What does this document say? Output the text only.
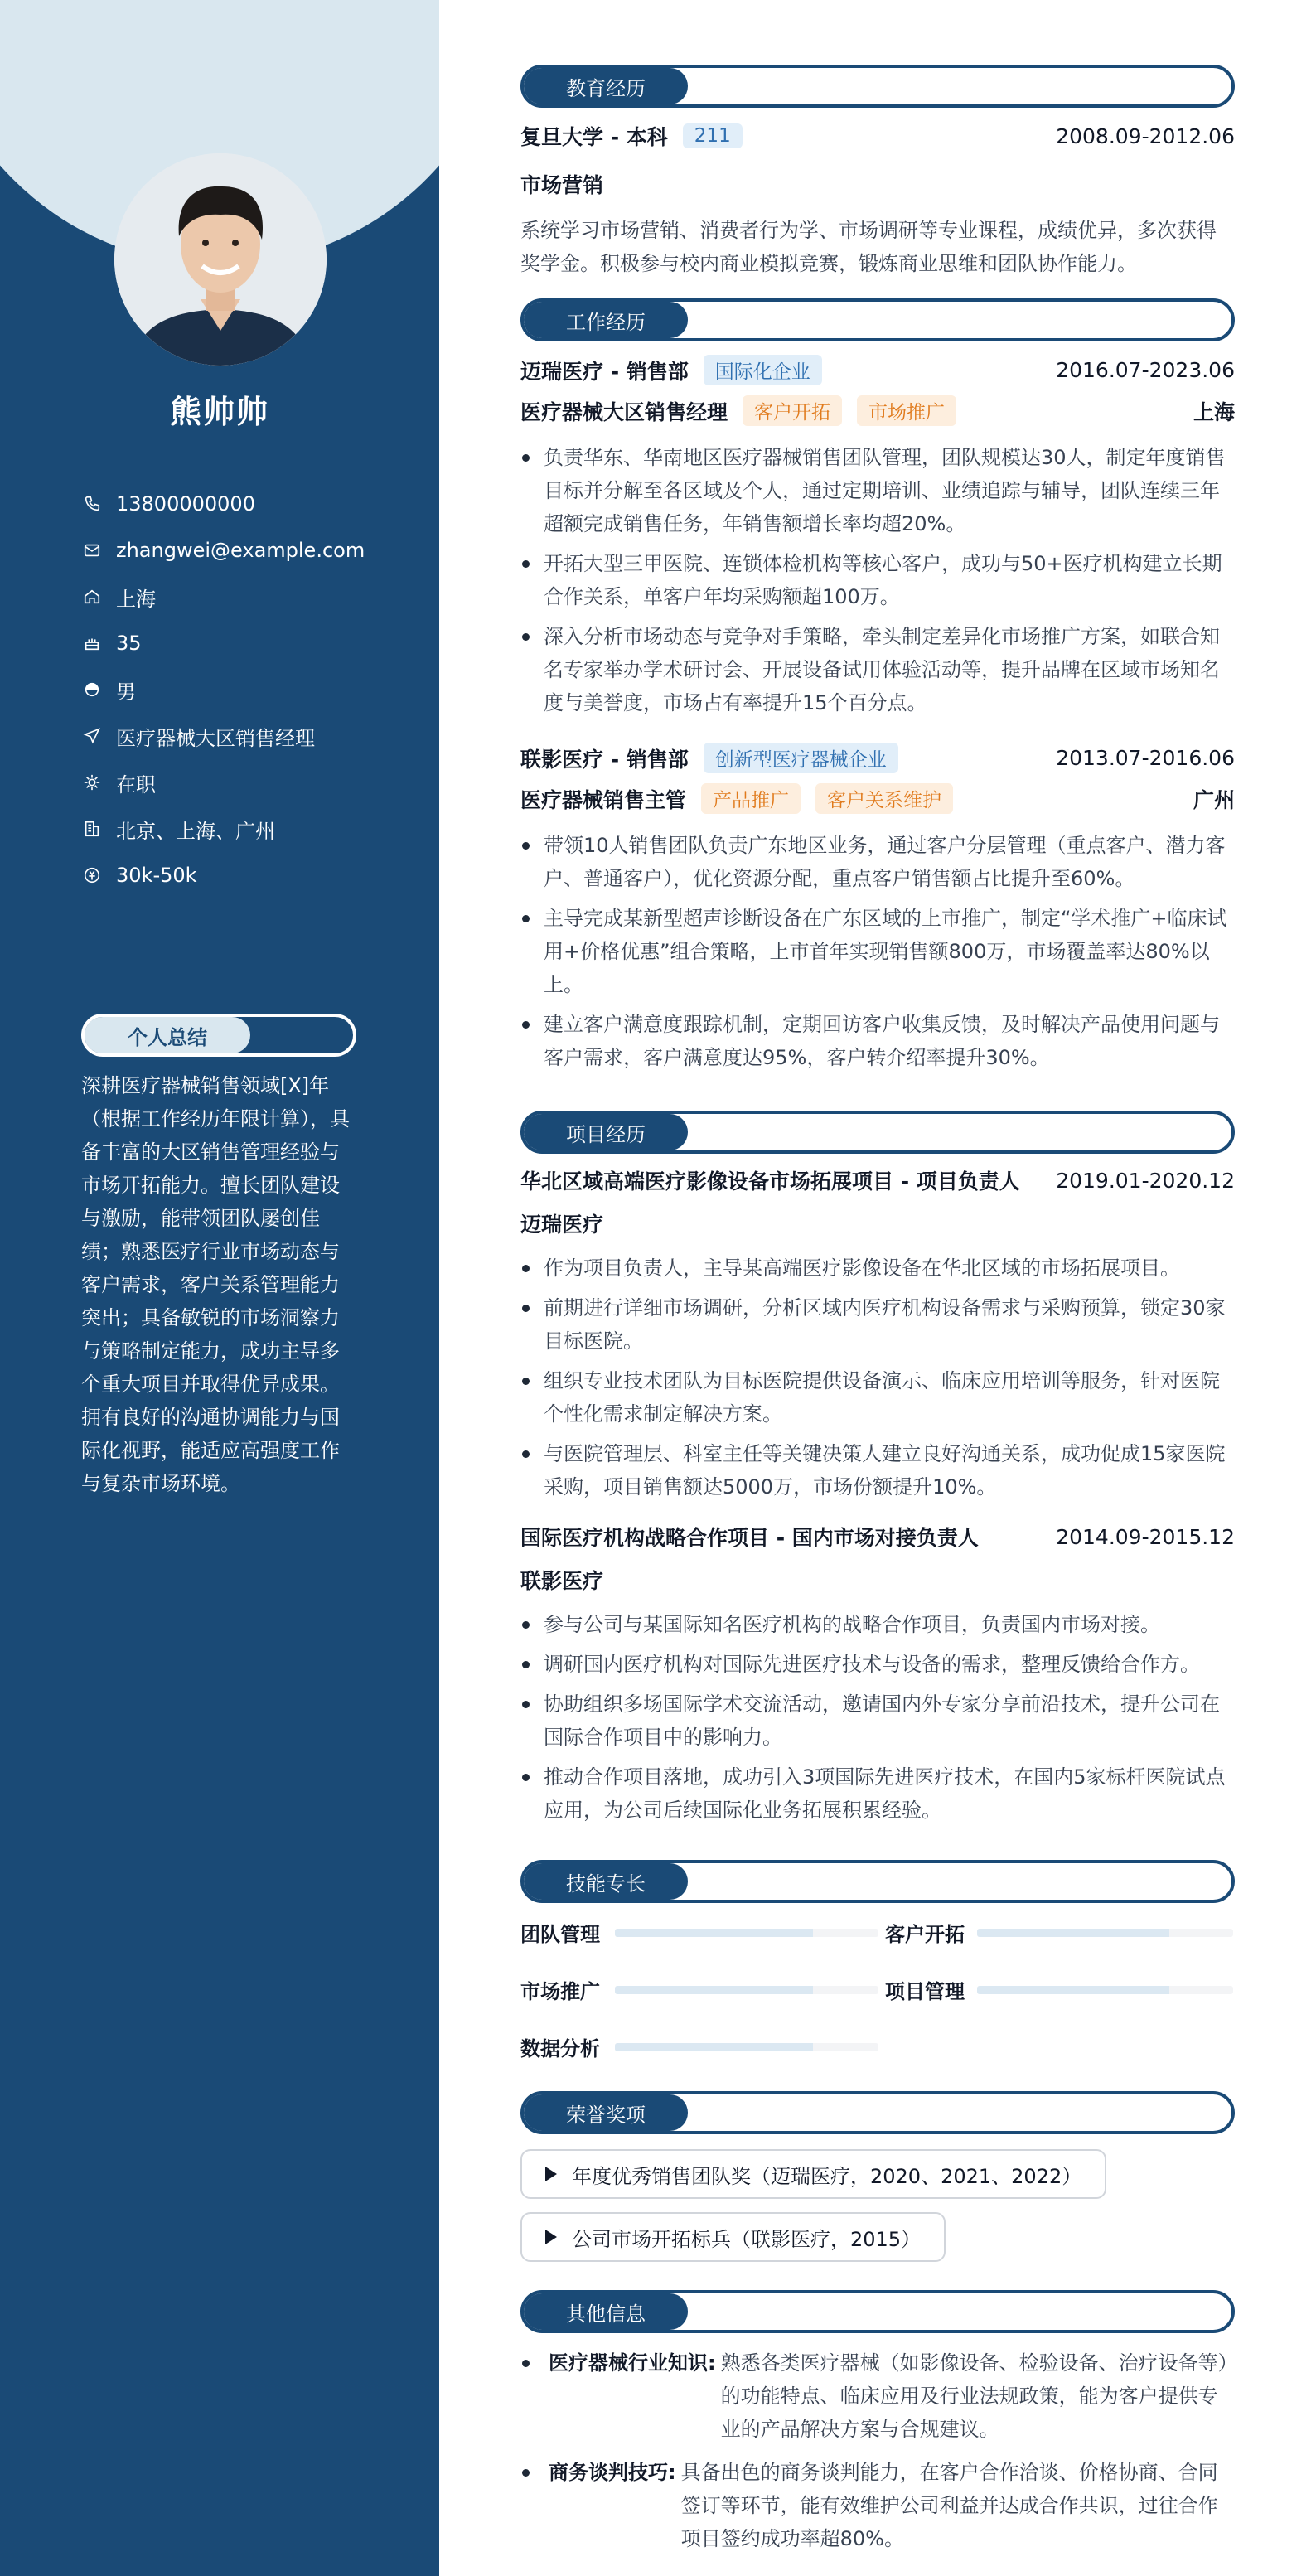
熊帅帅
13800000000
zhangwei@example.com
上海
35
男
医疗器械大区销售经理
在职
北京、上海、广州
30k-50k
个人总结
深耕医疗器械销售领域[X]年（根据工作经历年限计算），具备丰富的大区销售管理经验与市场开拓能力。擅长团队建设与激励，能带领团队屡创佳绩；熟悉医疗行业市场动态与客户需求，客户关系管理能力突出；具备敏锐的市场洞察力与策略制定能力，成功主导多个重大项目并取得优异成果。拥有良好的沟通协调能力与国际化视野，能适应高强度工作与复杂市场环境。
教育经历
复旦大学 - 本科	211	2008.09-2012.06
市场营销
系统学习市场营销、消费者行为学、市场调研等专业课程，成绩优异，多次获得奖学金。积极参与校内商业模拟竞赛，锻炼商业思维和团队协作能力。
工作经历
迈瑞医疗 - 销售部	国际化企业	2016.07-2023.06
医疗器械大区销售经理	客户开拓	市场推广	上海
负责华东、华南地区医疗器械销售团队管理，团队规模达30人，制定年度销售目标并分解至各区域及个人，通过定期培训、业绩追踪与辅导，团队连续三年超额完成销售任务，年销售额增长率均超20%。
开拓大型三甲医院、连锁体检机构等核心客户，成功与50+医疗机构建立长期合作关系，单客户年均采购额超100万。
深入分析市场动态与竞争对手策略，牵头制定差异化市场推广方案，如联合知名专家举办学术研讨会、开展设备试用体验活动等，提升品牌在区域市场知名度与美誉度，市场占有率提升15个百分点。
联影医疗 - 销售部	创新型医疗器械企业	2013.07-2016.06
医疗器械销售主管	产品推广	客户关系维护	广州
带领10人销售团队负责广东地区业务，通过客户分层管理（重点客户、潜力客户、普通客户），优化资源分配，重点客户销售额占比提升至60%。
主导完成某新型超声诊断设备在广东区域的上市推广，制定“学术推广+临床试用+价格优惠”组合策略，上市首年实现销售额800万，市场覆盖率达80%以上。
建立客户满意度跟踪机制，定期回访客户收集反馈，及时解决产品使用问题与客户需求，客户满意度达95%，客户转介绍率提升30%。
项目经历
华北区域高端医疗影像设备市场拓展项目 - 项目负责人 2019.01-2020.12
迈瑞医疗
作为项目负责人，主导某高端医疗影像设备在华北区域的市场拓展项目。
前期进行详细市场调研，分析区域内医疗机构设备需求与采购预算，锁定30家目标医院。
组织专业技术团队为目标医院提供设备演示、临床应用培训等服务，针对医院个性化需求制定解决方案。
与医院管理层、科室主任等关键决策人建立良好沟通关系，成功促成15家医院采购，项目销售额达5000万，市场份额提升10%。
国际医疗机构战略合作项目 - 国内市场对接负责人	2014.09-2015.12
联影医疗
参与公司与某国际知名医疗机构的战略合作项目，负责国内市场对接。
调研国内医疗机构对国际先进医疗技术与设备的需求，整理反馈给合作方。
协助组织多场国际学术交流活动，邀请国内外专家分享前沿技术，提升公司在国际合作项目中的影响力。
推动合作项目落地，成功引入3项国际先进医疗技术，在国内5家标杆医院试点应用，为公司后续国际化业务拓展积累经验。
技能专长
团队管理	客户开拓
市场推广	项目管理
数据分析
荣誉奖项
年度优秀销售团队奖（迈瑞医疗，2020、2021、2022）
公司市场开拓标兵（联影医疗，2015）
其他信息
医疗器械行业知识: 熟悉各类医疗器械（如影像设备、检验设备、治疗设备等）的功能特点、临床应用及行业法规政策，能为客户提供专业的产品解决方案与合规建议。
商务谈判技巧: 具备出色的商务谈判能力，在客户合作洽谈、价格协商、合同签订等环节，能有效维护公司利益并达成合作共识，过往合作项目签约成功率超80%。
